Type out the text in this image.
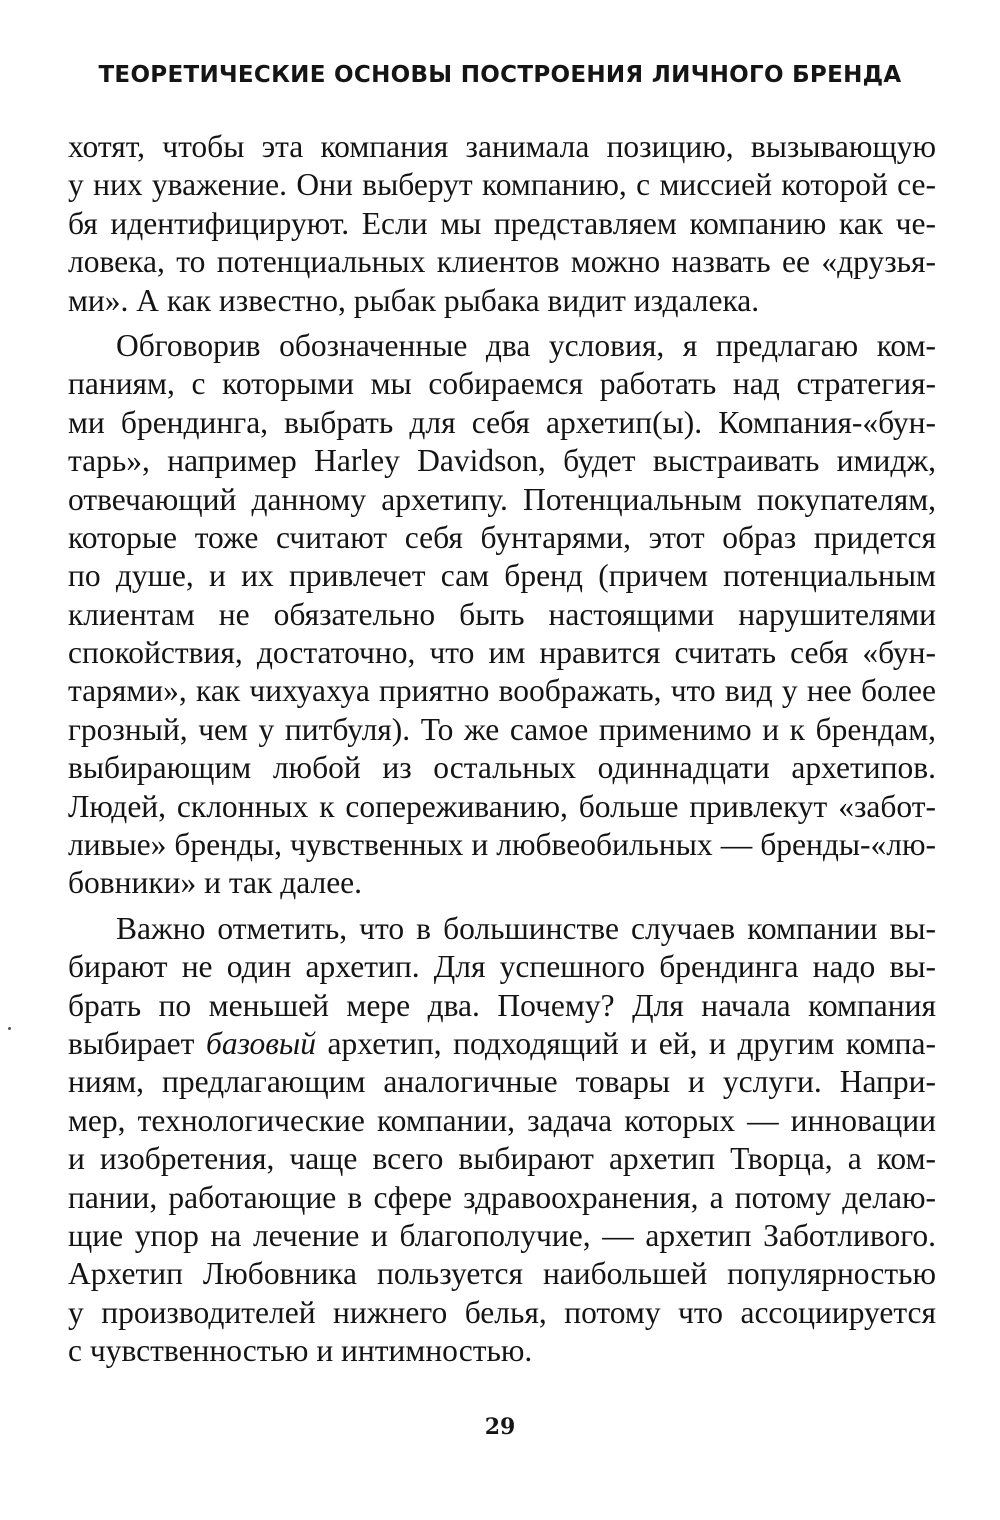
ТЕОРЕТИЧЕСКИЕ ОСНОВЫ ПОСТРОЕНИЯ ЛИЧНОГО БРЕНДА
хотят, чтобы эта компания занимала позицию, вызывающую
у них уважение. Они выберут компанию, с миссией которой се-
бя идентифицируют. Если мы представляем компанию как че-
ловека, то потенциальных клиентов можно назвать ее «друзья-
ми». А как известно, рыбак рыбака видит издалека.
Обговорив обозначенные два условия, я предлагаю ком-
паниям, с которыми мы собираемся работать над стратегия-
ми брендинга, выбрать для себя архетип(ы). Компания-«бун-
тарь», например Harley Davidson, будет выстраивать имидж,
отвечающий данному архетипу. Потенциальным покупателям,
которые тоже считают себя бунтарями, этот образ придется
по душе, и их привлечет сам бренд (причем потенциальным
клиентам не обязательно быть настоящими нарушителями
спокойствия, достаточно, что им нравится считать себя «бун-
тарями», как чихуахуа приятно воображать, что вид у нее более
грозный, чем у питбуля). То же самое применимо и к брендам,
выбирающим любой из остальных одиннадцати архетипов.
Людей, склонных к сопереживанию, больше привлекут «забот-
ливые» бренды, чувственных и любвеобильных — бренды-«лю-
бовники» и так далее.
Важно отметить, что в большинстве случаев компании вы-
бирают не один архетип. Для успешного брендинга надо вы-
брать по меньшей мере два. Почему? Для начала компания
выбирает базовый архетип, подходящий и ей, и другим компа-
ниям, предлагающим аналогичные товары и услуги. Напри-
мер, технологические компании, задача которых — инновации
и изобретения, чаще всего выбирают архетип Творца, а ком-
пании, работающие в сфере здравоохранения, а потому делаю-
щие упор на лечение и благополучие, — архетип Заботливого.
Архетип Любовника пользуется наибольшей популярностью
у производителей нижнего белья, потому что ассоциируется
с чувственностью и интимностью.
29
